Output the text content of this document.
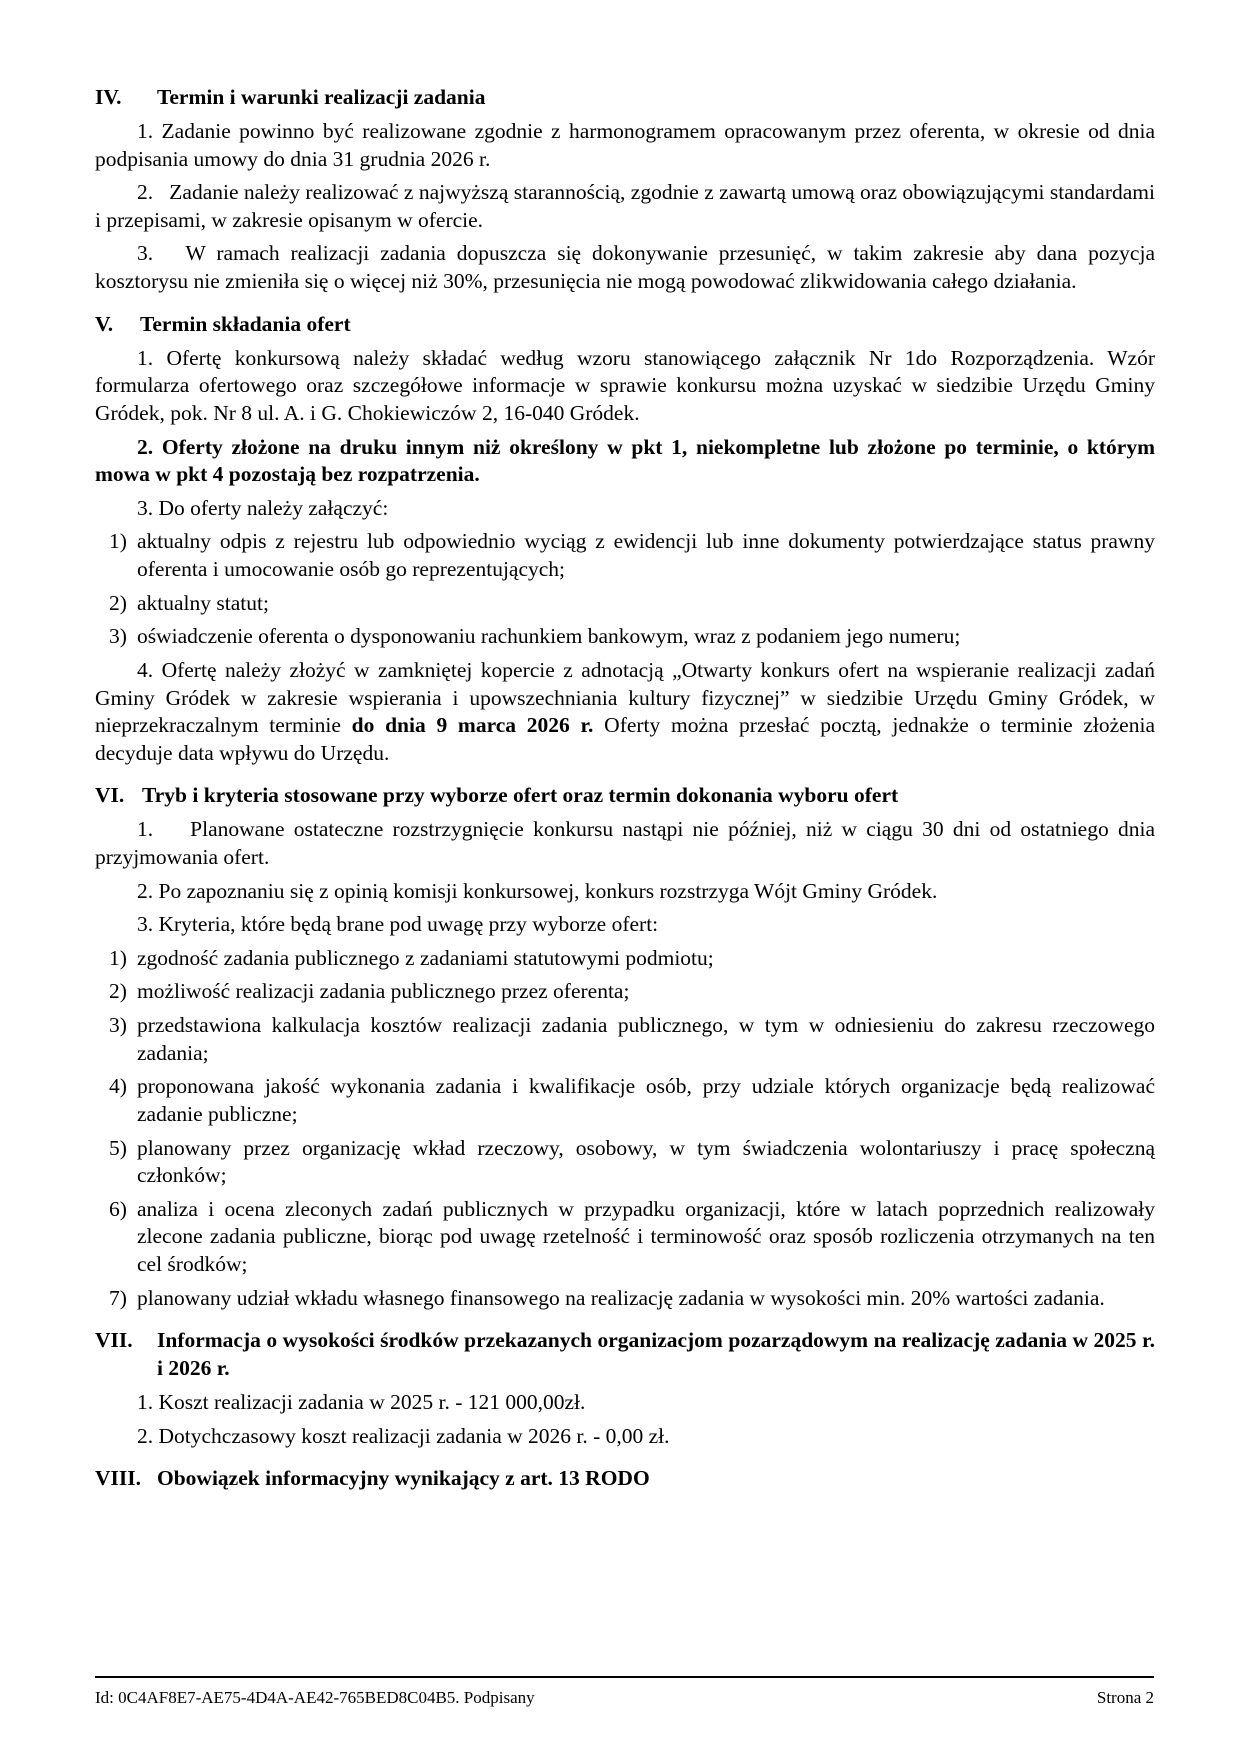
IV.	Termin i warunki realizacji zadania

1. Zadanie powinno być realizowane zgodnie z harmonogramem opracowanym przez oferenta, w okresie od dnia podpisania umowy do dnia 31 grudnia 2026 r.

2.   Zadanie należy realizować z najwyższą starannością, zgodnie z zawartą umową oraz obowiązującymi standardami i przepisami, w zakresie opisanym w ofercie.

3.   W ramach realizacji zadania dopuszcza się dokonywanie przesunięć, w takim zakresie aby dana pozycja kosztorysu nie zmieniła się o więcej niż 30%, przesunięcia nie mogą powodować zlikwidowania całego działania.

V.	Termin składania ofert

1. Ofertę konkursową należy składać według wzoru stanowiącego załącznik Nr 1do Rozporządzenia. Wzór formularza ofertowego oraz szczegółowe informacje w sprawie konkursu można uzyskać w siedzibie Urzędu Gminy Gródek, pok. Nr 8 ul. A. i G. Chokiewiczów 2, 16-040 Gródek.

2. Oferty złożone na druku innym niż określony w pkt 1, niekompletne lub złożone po terminie, o którym mowa w pkt 4 pozostają bez rozpatrzenia.

3. Do oferty należy załączyć:

1) aktualny odpis z rejestru lub odpowiednio wyciąg z ewidencji lub inne dokumenty potwierdzające status prawny oferenta i umocowanie osób go reprezentujących;
2) aktualny statut;
3) oświadczenie oferenta o dysponowaniu rachunkiem bankowym, wraz z podaniem jego numeru;

4. Ofertę należy złożyć w zamkniętej kopercie z adnotacją „Otwarty konkurs ofert na wspieranie realizacji zadań Gminy Gródek w zakresie wspierania i upowszechniania kultury fizycznej” w siedzibie Urzędu Gminy Gródek, w nieprzekraczalnym terminie do dnia 9 marca 2026 r. Oferty można przesłać pocztą, jednakże o terminie złożenia decyduje data wpływu do Urzędu.

VI. Tryb i kryteria stosowane przy wyborze ofert oraz termin dokonania wyboru ofert

1.    Planowane ostateczne rozstrzygnięcie konkursu nastąpi nie później, niż w ciągu 30 dni od ostatniego dnia przyjmowania ofert.

2. Po zapoznaniu się z opinią komisji konkursowej, konkurs rozstrzyga Wójt Gminy Gródek.

3. Kryteria, które będą brane pod uwagę przy wyborze ofert:

1) zgodność zadania publicznego z zadaniami statutowymi podmiotu;
2) możliwość realizacji zadania publicznego przez oferenta;
3) przedstawiona kalkulacja kosztów realizacji zadania publicznego, w tym w odniesieniu do zakresu rzeczowego zadania;
4) proponowana jakość wykonania zadania i kwalifikacje osób, przy udziale których organizacje będą realizować zadanie publiczne;
5) planowany przez organizację wkład rzeczowy, osobowy, w tym świadczenia wolontariuszy i pracę społeczną członków;
6) analiza i ocena zleconych zadań publicznych w przypadku organizacji, które w latach poprzednich realizowały zlecone zadania publiczne, biorąc pod uwagę rzetelność i terminowość oraz sposób rozliczenia otrzymanych na ten cel środków;
7) planowany udział wkładu własnego finansowego na realizację zadania w wysokości min. 20% wartości zadania.
VII.	Informacja o wysokości środków przekazanych organizacjom pozarządowym na realizację zadania w 2025 r. i 2026 r.

1. Koszt realizacji zadania w 2025 r. - 121 000,00zł.

2. Dotychczasowy koszt realizacji zadania w 2026 r. - 0,00 zł.

VIII. Obowiązek informacyjny wynikający z art. 13 RODO
Id: 0C4AF8E7-AE75-4D4A-AE42-765BED8C04B5. Podpisany	Strona 2
